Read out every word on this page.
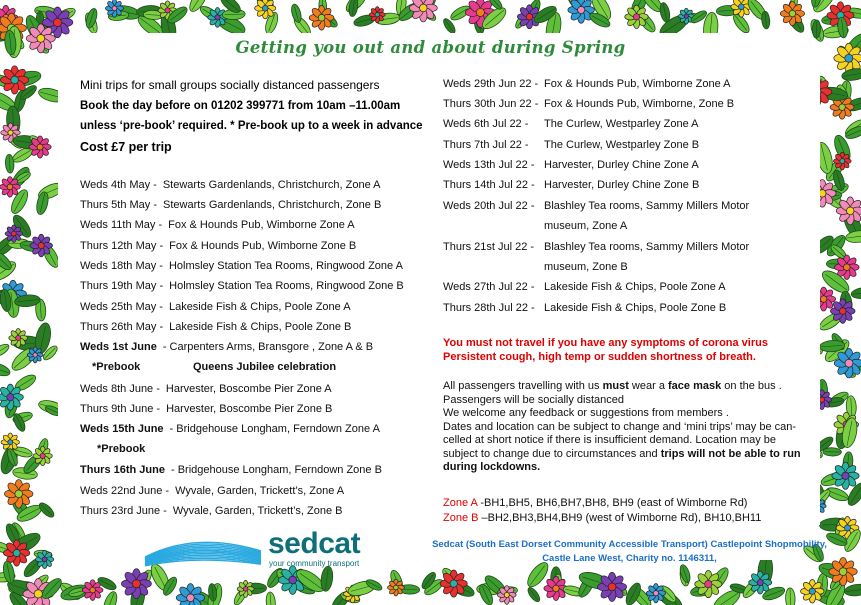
Getting you out and about during Spring
Mini trips for small groups socially distanced passengers
Book the day before on 01202 399771 from 10am –11.00am
unless ‘pre-book’ required. * Pre-book up to a week in advance
Cost £7 per trip
Weds 4th May - Stewarts Gardenlands, Christchurch, Zone A
Thurs 5th May - Stewarts Gardenlands, Christchurch, Zone B
Weds 11th May - Fox & Hounds Pub, Wimborne Zone A
Thurs 12th May - Fox & Hounds Pub, Wimborne Zone B
Weds 18th May - Holmsley Station Tea Rooms, Ringwood Zone A
Thurs 19th May - Holmsley Station Tea Rooms, Ringwood Zone B
Weds 25th May - Lakeside Fish & Chips, Poole Zone A
Thurs 26th May - Lakeside Fish & Chips, Poole Zone B
Weds 1st June - Carpenters Arms, Bransgore , Zone A & B
Weds 8th June - Harvester, Boscombe Pier Zone A
Thurs 9th June - Harvester, Boscombe Pier Zone B
Weds 15th June - Bridgehouse Longham, Ferndown Zone A
Thurs 16th June - Bridgehouse Longham, Ferndown Zone B
Weds 22nd June - Wyvale, Garden, Trickett’s, Zone A
Thurs 23rd June - Wyvale, Garden, Trickett’s, Zone B
*Prebook	Queens Jubilee celebration
*Prebook
Weds 29th Jun 22 - Fox & Hounds Pub, Wimborne Zone A
Thurs 30th Jun 22 - Fox & Hounds Pub, Wimborne, Zone B
Weds 6th Jul 22 - The Curlew, Westparley Zone A
Thurs 7th Jul 22 - The Curlew, Westparley Zone B
Weds 13th Jul 22 - Harvester, Durley Chine Zone A
Thurs 14th Jul 22 - Harvester, Durley Chine Zone B
Weds 20th Jul 22 - Blashley Tea rooms, Sammy Millers Motor
museum, Zone A
Thurs 21st Jul 22 - Blashley Tea rooms, Sammy Millers Motor
museum, Zone B
Weds 27th Jul 22 - Lakeside Fish & Chips, Poole Zone A
Thurs 28th Jul 22 - Lakeside Fish & Chips, Poole Zone B
You must not travel if you have any symptoms of corona virus
Persistent cough, high temp or sudden shortness of breath.
All passengers travelling with us must wear a face mask on the bus .
Passengers will be socially distanced
We welcome any feedback or suggestions from members .
Dates and location can be subject to change and ‘mini trips’ may be can-celled at short notice if there is insufficient demand. Location may be subject to change due to circumstances and trips will not be able to run during lockdowns.
Zone A -BH1,BH5, BH6,BH7,BH8, BH9 (east of Wimborne Rd)
Zone B –BH2,BH3,BH4,BH9 (west of Wimborne Rd), BH10,BH11
sedcat
your community transport
Sedcat (South East Dorset Community Accessible Transport) Castlepoint Shopmobility,
Castle Lane West, Charity no. 1146311,
